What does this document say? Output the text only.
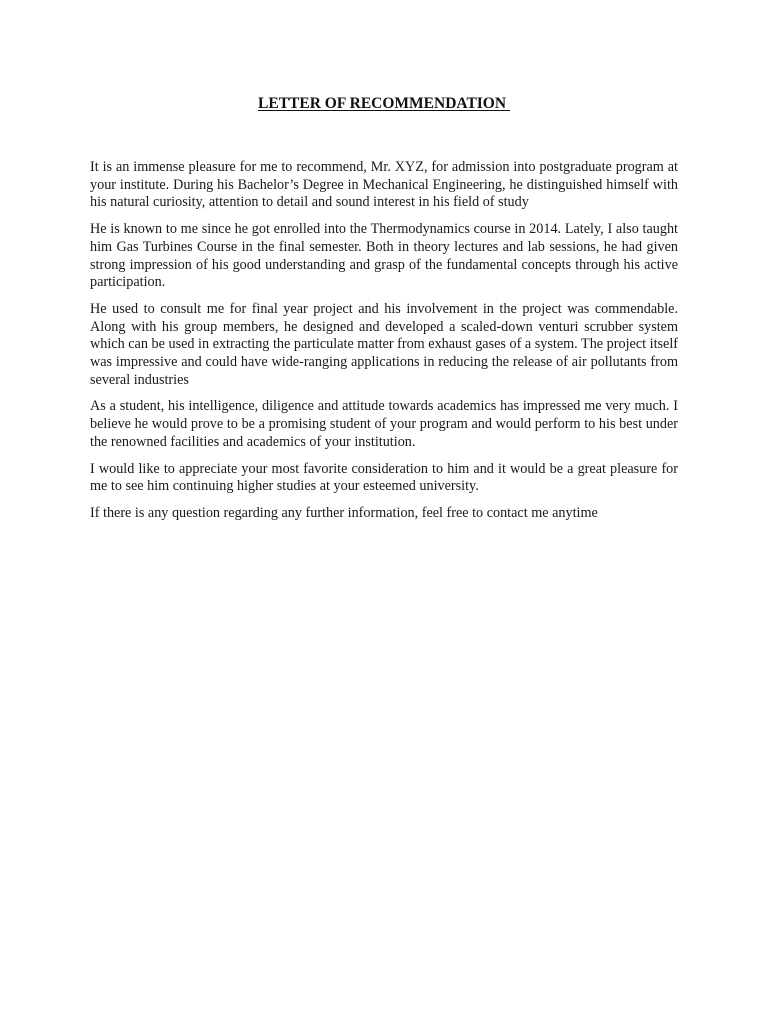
LETTER OF RECOMMENDATION

It is an immense pleasure for me to recommend, Mr. XYZ, for admission into postgraduate program at your institute. During his Bachelor’s Degree in Mechanical Engineering, he distinguished himself with his natural curiosity, attention to detail and sound interest in his field of study

He is known to me since he got enrolled into the Thermodynamics course in 2014. Lately, I also taught him Gas Turbines Course in the final semester. Both in theory lectures and lab sessions, he had given strong impression of his good understanding and grasp of the fundamental concepts through his active participation.

He used to consult me for final year project and his involvement in the project was commendable. Along with his group members, he designed and developed a scaled-down venturi scrubber system which can be used in extracting the particulate matter from exhaust gases of a system. The project itself was impressive and could have wide-ranging applications in reducing the release of air pollutants from several industries

As a student, his intelligence, diligence and attitude towards academics has impressed me very much. I believe he would prove to be a promising student of your program and would perform to his best under the renowned facilities and academics of your institution.

I would like to appreciate your most favorite consideration to him and it would be a great pleasure for me to see him continuing higher studies at your esteemed university.

If there is any question regarding any further information, feel free to contact me anytime
